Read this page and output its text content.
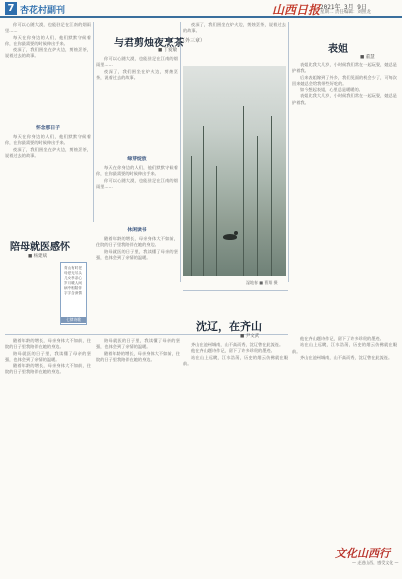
7 杏花村副刊	山西日报 2021年 3月 9日
星期二 责任编辑：刘照龙
与君剪烛夜烹茶
（外三章）
■ 丁爱敏

你可以心随大漠，也能驻足在江南的烟雨里……

每天在你身边的人们，他们默默守候着你，在你最需要的时候伸出手来。

夜深了，我们围坐在炉火边，剪烛烹茶，说着过去的故事。

怀念那日子

每天在你身边的人们，他们默默守候着你，在你最需要的时候伸出手来。

夜深了，我们围坐在炉火边，剪烛烹茶，说着过去的故事。

你可以心随大漠，也能驻足在江南的烟雨里……

夜深了，我们围坐在炉火边，剪烛烹茶，说着过去的故事。

绿芽绽放

每天在你身边的人们，他们默默守候着你，在你最需要的时候伸出手来。

你可以心随大漠，也能驻足在江南的烟雨里……

夜深了，我们围坐在炉火边，剪烛烹茶，说着过去的故事。

湿地春 ■ 曹翔 摄
表姐
■ 董慧

表姐比我大几岁，小时候我们常在一起玩耍，她总是护着我。

后来表姐嫁到了外乡，我们见面的机会少了，可每次回来她总会给我带些好吃的。

如今想起表姐，心里总是暖暖的。

表姐比我大几岁，小时候我们常在一起玩耍，她总是护着我。

陪母就医感怀
■ 杨建斌
休闲读书
青山有时老
母爱无尽头
儿女孝亲心
岁月暖人间
病中相陪伴
字字含深情
七律诗歌

随着年龄的增长，母亲身体大不如前，住院的日子里我陪伴在她的身边。

陪母就医的日子里，我读懂了母亲的坚强，也体会到了亲情的温暖。

随着年龄的增长，母亲身体大不如前，住院的日子里我陪伴在她的身边。

陪母就医的日子里，我读懂了母亲的坚强，也体会到了亲情的温暖。

随着年龄的增长，母亲身体大不如前，住院的日子里我陪伴在她的身边。

陪母就医的日子里，我读懂了母亲的坚强，也体会到了亲情的温暖。

随着年龄的增长，母亲身体大不如前，住院的日子里我陪伴在她的身边。

沈辽，在齐山
■ 尹文武

齐山在池州城南，山不高而秀，沈辽曾在此流连。

他在齐山题诗作记，留下了许多珍贵的墨迹。

站在山上远眺，江水浩荡，历史的烟云仿佛就在眼前。

他在齐山题诗作记，留下了许多珍贵的墨迹。

站在山上远眺，江水浩荡，历史的烟云仿佛就在眼前。

齐山在池州城南，山不高而秀，沈辽曾在此流连。

文化山西行
— 走进山西，感受文化 —
